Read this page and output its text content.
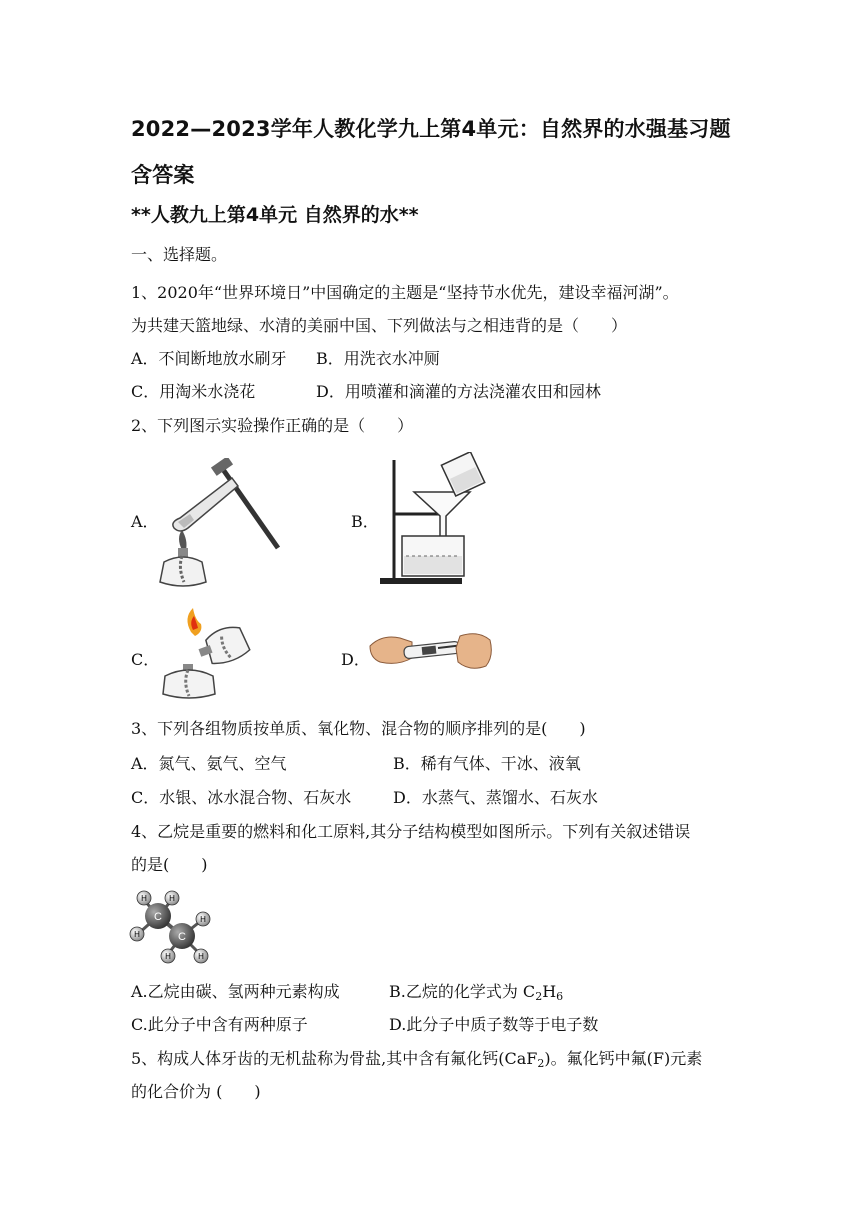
2022—2023学年人教化学九上第4单元：自然界的水强基习题含答案
**人教九上第4单元 自然界的水**
一、选择题。
1、2020年“世界环境日”中国确定的主题是“坚持节水优先，建设幸福河湖”。
为共建天篮地绿、水清的美丽中国、下列做法与之相违背的是（　　）
A．不间断地放水刷牙 B．用洗衣水冲厕
C．用淘米水浇花	D．用喷灌和滴灌的方法浇灌农田和园林
2、下列图示实验操作正确的是（　　）
A．	B．
C．	D．
3、下列各组物质按单质、氧化物、混合物的顺序排列的是(　　)
A．氮气、氨气、空气	B．稀有气体、干冰、液氧
C．水银、冰水混合物、石灰水	D．水蒸气、蒸馏水、石灰水
4、乙烷是重要的燃料和化工原料,其分子结构模型如图所示。下列有关叙述错误
的是(　　)
C
C
H	H
H
H
H	H
A.乙烷由碳、氢两种元素构成	B.乙烷的化学式为 $C_2H_6$
C.此分子中含有两种原子	D.此分子中质子数等于电子数
5、构成人体牙齿的无机盐称为骨盐,其中含有氟化钙(CaF$_2$)。氟化钙中氟(F)元素
的化合价为 (　　)
